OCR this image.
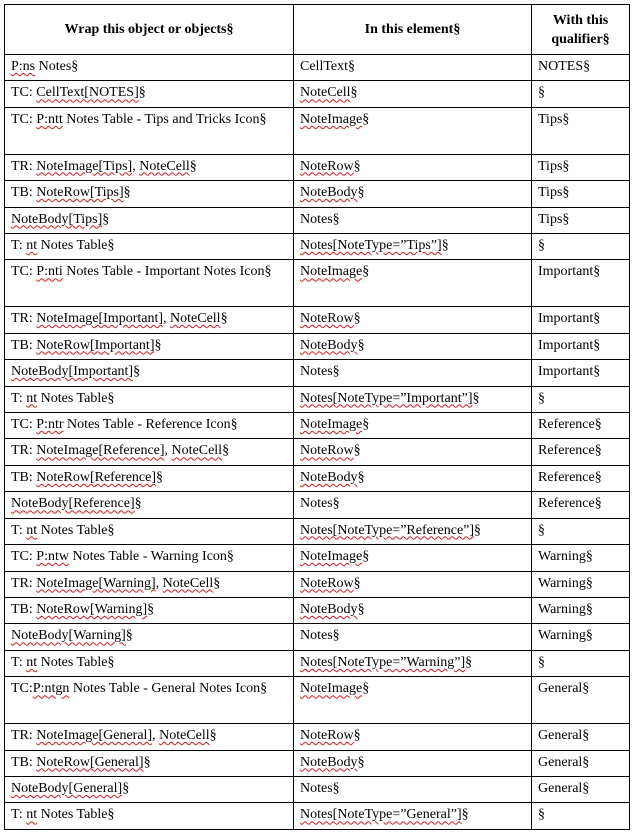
Wrap this object or objects§	In this element§	With this qualifier§
P:ns Notes§	CellText§	NOTES§
TC: CellText[NOTES]§	NoteCell§	§
TC: P:ntt Notes Table - Tips and Tricks Icon§	NoteImage§	Tips§
TR: NoteImage[Tips], NoteCell§	NoteRow§	Tips§
TB: NoteRow[Tips]§	NoteBody§	Tips§
NoteBody[Tips]§	Notes§	Tips§
T: nt Notes Table§	Notes[NoteType=”Tips”]§	§
TC: P:nti Notes Table - Important Notes Icon§	NoteImage§	Important§
TR: NoteImage[Important], NoteCell§	NoteRow§	Important§
TB: NoteRow[Important]§	NoteBody§	Important§
NoteBody[Important]§	Notes§	Important§
T: nt Notes Table§	Notes[NoteType=”Important”]§	§
TC: P:ntr Notes Table - Reference Icon§	NoteImage§	Reference§
TR: NoteImage[Reference], NoteCell§	NoteRow§	Reference§
TB: NoteRow[Reference]§	NoteBody§	Reference§
NoteBody[Reference]§	Notes§	Reference§
T: nt Notes Table§	Notes[NoteType=”Reference”]§	§
TC: P:ntw Notes Table - Warning Icon§	NoteImage§	Warning§
TR: NoteImage[Warning], NoteCell§	NoteRow§	Warning§
TB: NoteRow[Warning]§	NoteBody§	Warning§
NoteBody[Warning]§	Notes§	Warning§
T: nt Notes Table§	Notes[NoteType=”Warning”]§	§
TC:P:ntgn Notes Table - General Notes Icon§	NoteImage§	General§
TR: NoteImage[General], NoteCell§	NoteRow§	General§
TB: NoteRow[General]§	NoteBody§	General§
NoteBody[General]§	Notes§	General§
T: nt Notes Table§	Notes[NoteType=”General”]§	§
